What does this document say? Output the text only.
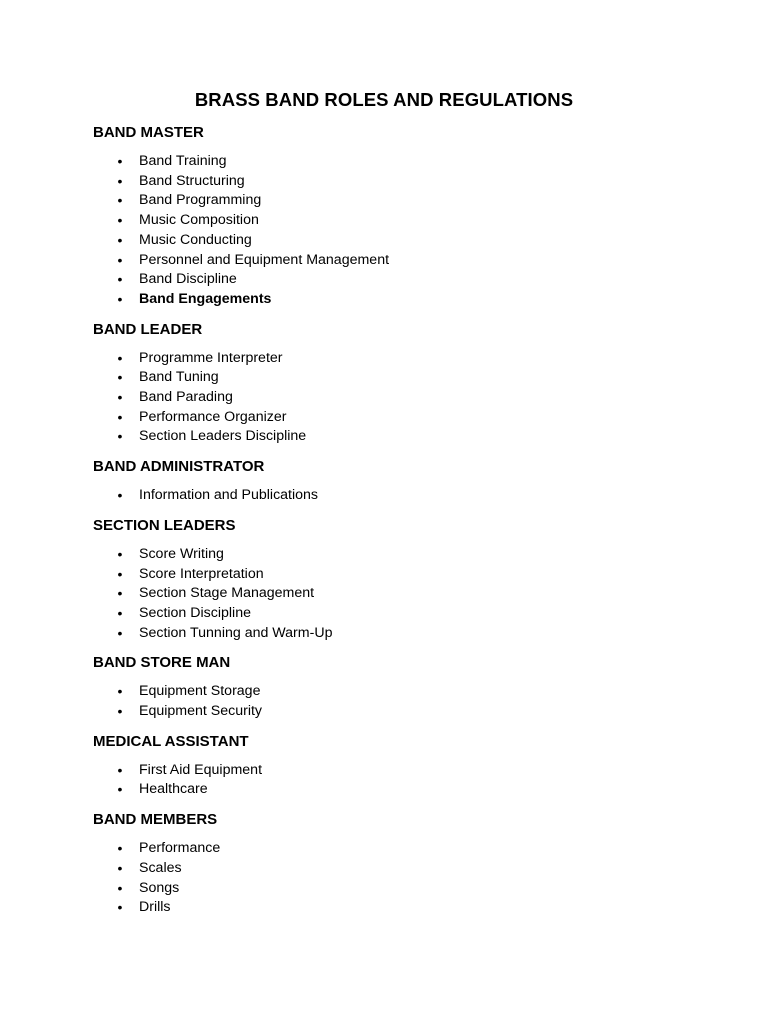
BRASS BAND ROLES AND REGULATIONS
BAND MASTER
• Band Training
• Band Structuring
• Band Programming
• Music Composition
• Music Conducting
• Personnel and Equipment Management
• Band Discipline
• Band Engagements
BAND LEADER
• Programme Interpreter
• Band Tuning
• Band Parading
• Performance Organizer
• Section Leaders Discipline
BAND ADMINISTRATOR
• Information and Publications
SECTION LEADERS
• Score Writing
• Score Interpretation
• Section Stage Management
• Section Discipline
• Section Tunning and Warm-Up
BAND STORE MAN
• Equipment Storage
• Equipment Security
MEDICAL ASSISTANT
• First Aid Equipment
• Healthcare
BAND MEMBERS
• Performance
• Scales
• Songs
• Drills
